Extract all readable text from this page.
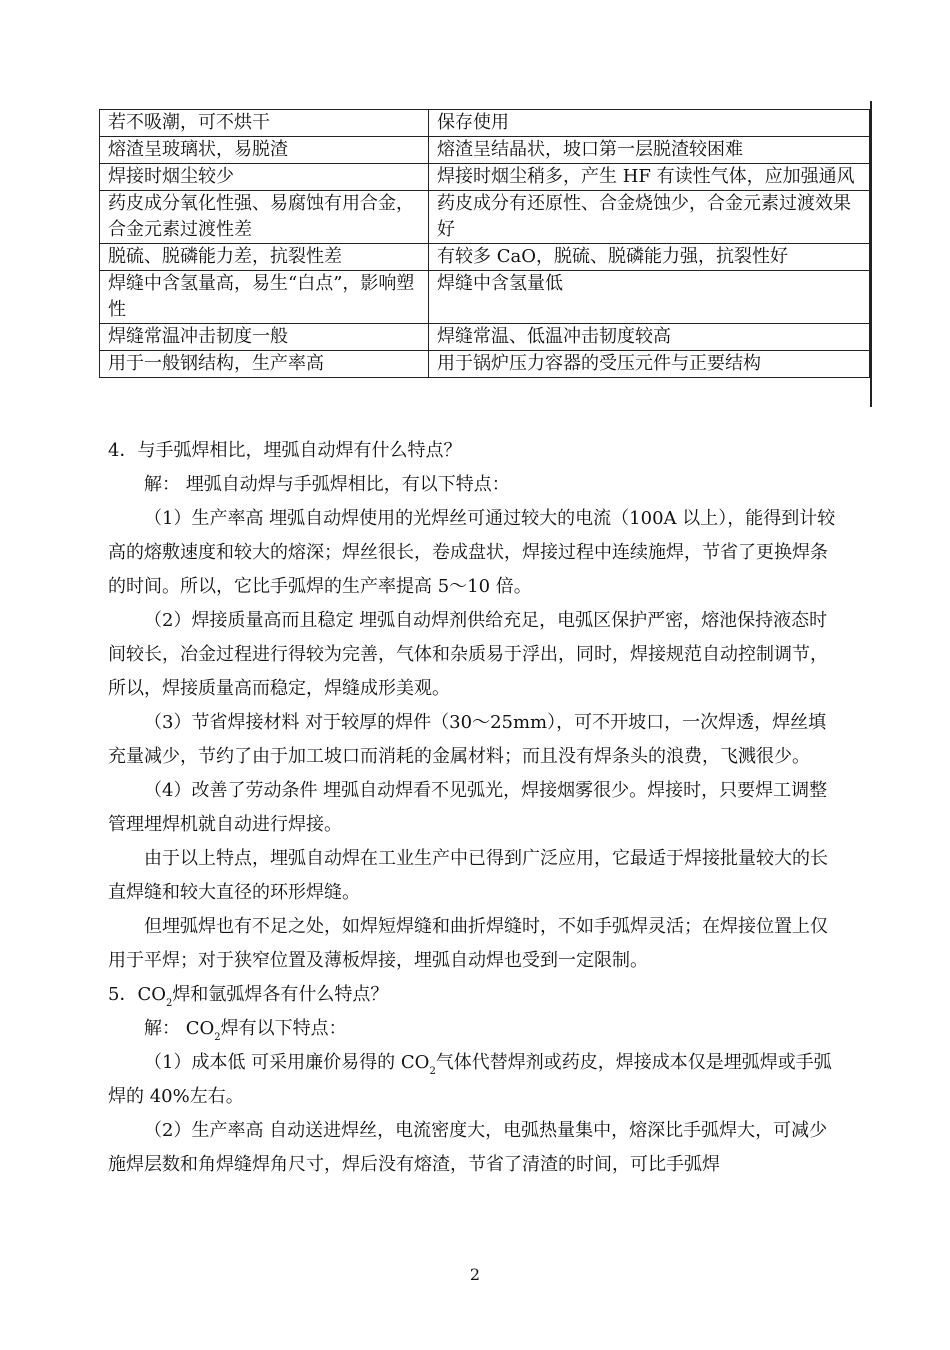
若不吸潮，可不烘干	保存使用
熔渣呈玻璃状，易脱渣	熔渣呈结晶状，坡口第一层脱渣较困难
焊接时烟尘较少	焊接时烟尘稍多，产生 HF 有读性气体，应加强通风
药皮成分氧化性强、易腐蚀有用合金，合金元素过渡性差	药皮成分有还原性、合金烧蚀少，合金元素过渡效果好
脱硫、脱磷能力差，抗裂性差	有较多 CaO，脱硫、脱磷能力强，抗裂性好
焊缝中含氢量高，易生“白点”，影响塑性	焊缝中含氢量低
焊缝常温冲击韧度一般	焊缝常温、低温冲击韧度较高
用于一般钢结构，生产率高	用于锅炉压力容器的受压元件与正要结构

4．与手弧焊相比，埋弧自动焊有什么特点？

解： 埋弧自动焊与手弧焊相比，有以下特点：

（1）生产率高 埋弧自动焊使用的光焊丝可通过较大的电流（100A 以上），能得到计较高的熔敷速度和较大的熔深；焊丝很长，卷成盘状，焊接过程中连续施焊，节省了更换焊条的时间。所以，它比手弧焊的生产率提高 5～10 倍。

（2）焊接质量高而且稳定 埋弧自动焊剂供给充足，电弧区保护严密，熔池保持液态时间较长，冶金过程进行得较为完善，气体和杂质易于浮出，同时，焊接规范自动控制调节，所以，焊接质量高而稳定，焊缝成形美观。

（3）节省焊接材料 对于较厚的焊件（30～25mm），可不开坡口，一次焊透，焊丝填充量减少，节约了由于加工坡口而消耗的金属材料；而且没有焊条头的浪费，飞溅很少。

（4）改善了劳动条件 埋弧自动焊看不见弧光，焊接烟雾很少。焊接时，只要焊工调整管理埋焊机就自动进行焊接。

由于以上特点，埋弧自动焊在工业生产中已得到广泛应用，它最适于焊接批量较大的长直焊缝和较大直径的环形焊缝。

但埋弧焊也有不足之处，如焊短焊缝和曲折焊缝时，不如手弧焊灵活；在焊接位置上仅用于平焊；对于狭窄位置及薄板焊接，埋弧自动焊也受到一定限制。

5．$CO_2$焊和氩弧焊各有什么特点？

解： $CO_2$焊有以下特点：

（1）成本低 可采用廉价易得的 $CO_2$气体代替焊剂或药皮，焊接成本仅是埋弧焊或手弧焊的 40%左右。

（2）生产率高 自动送进焊丝，电流密度大，电弧热量集中，熔深比手弧焊大，可减少施焊层数和角焊缝焊角尺寸，焊后没有熔渣，节省了清渣的时间，可比手弧焊

2
